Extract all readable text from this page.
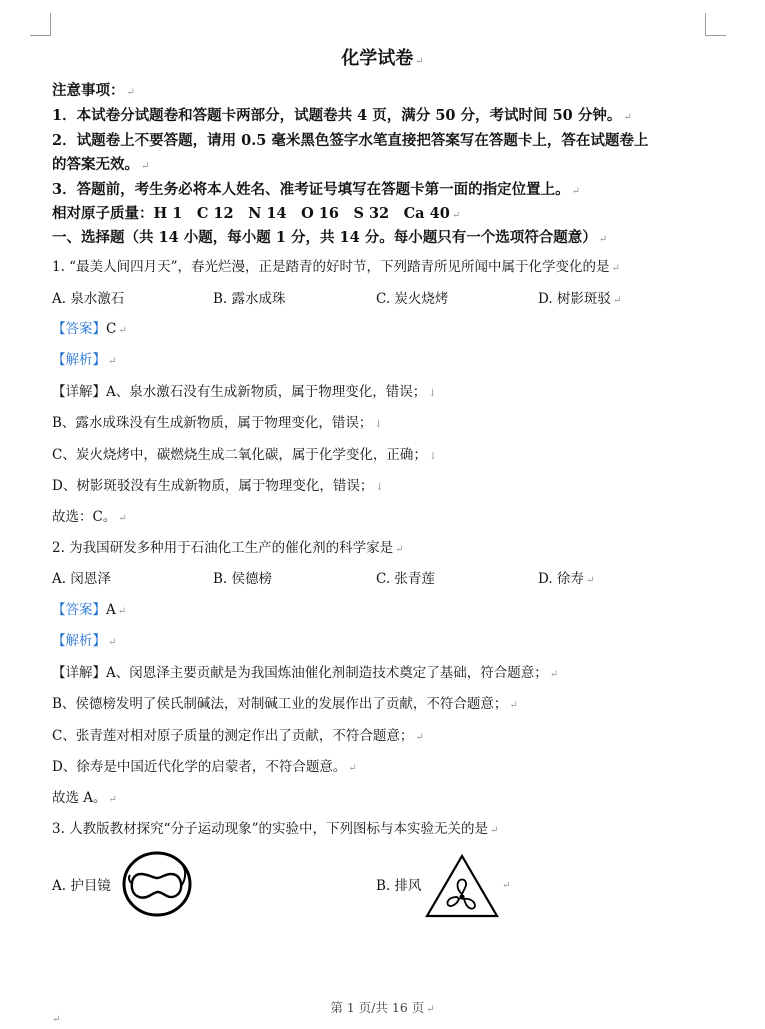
化学试卷 ↵
注意事项： ↵
1．本试卷分试题卷和答题卡两部分，试题卷共 4 页，满分 50 分，考试时间 50 分钟。 ↵
2．试题卷上不要答题，请用 0.5 毫米黑色签字水笔直接把答案写在答题卡上，答在试题卷上
的答案无效。 ↵
3．答题前，考生务必将本人姓名、准考证号填写在答题卡第一面的指定位置上。 ↵
相对原子质量：H 1　C 12　N 14　O 16　S 32　Ca 40 ↵
一、选择题（共 14 小题，每小题 1 分，共 14 分。每小题只有一个选项符合题意） ↵
1. “最美人间四月天”，春光烂漫，正是踏青的好时节，下列踏青所见所闻中属于化学变化的是 ↵
A. 泉水激石	B. 露水成珠	C. 炭火烧烤	D. 树影斑驳 ↵
【答案】C ↵
【解析】 ↵
【详解】A、泉水激石没有生成新物质，属于物理变化，错误； ↓
B、露水成珠没有生成新物质，属于物理变化，错误； ↓
C、炭火烧烤中，碳燃烧生成二氧化碳，属于化学变化，正确； ↓
D、树影斑驳没有生成新物质，属于物理变化，错误； ↓
故选：C。 ↵
2. 为我国研发多种用于石油化工生产的催化剂的科学家是 ↵
A. 闵恩泽	B. 侯德榜	C. 张青莲	D. 徐寿 ↵
【答案】A ↵
【解析】 ↵
【详解】A、闵恩泽主要贡献是为我国炼油催化剂制造技术奠定了基础，符合题意； ↵
B、侯德榜发明了侯氏制碱法，对制碱工业的发展作出了贡献，不符合题意； ↵
C、张青莲对相对原子质量的测定作出了贡献，不符合题意； ↵
D、徐寿是中国近代化学的启蒙者，不符合题意。 ↵
故选 A。 ↵
3. 人教版教材探究“分子运动现象”的实验中，下列图标与本实验无关的是 ↵
A. 护目镜	B. 排风	↵
第 1 页/共 16 页 ↵
↵
